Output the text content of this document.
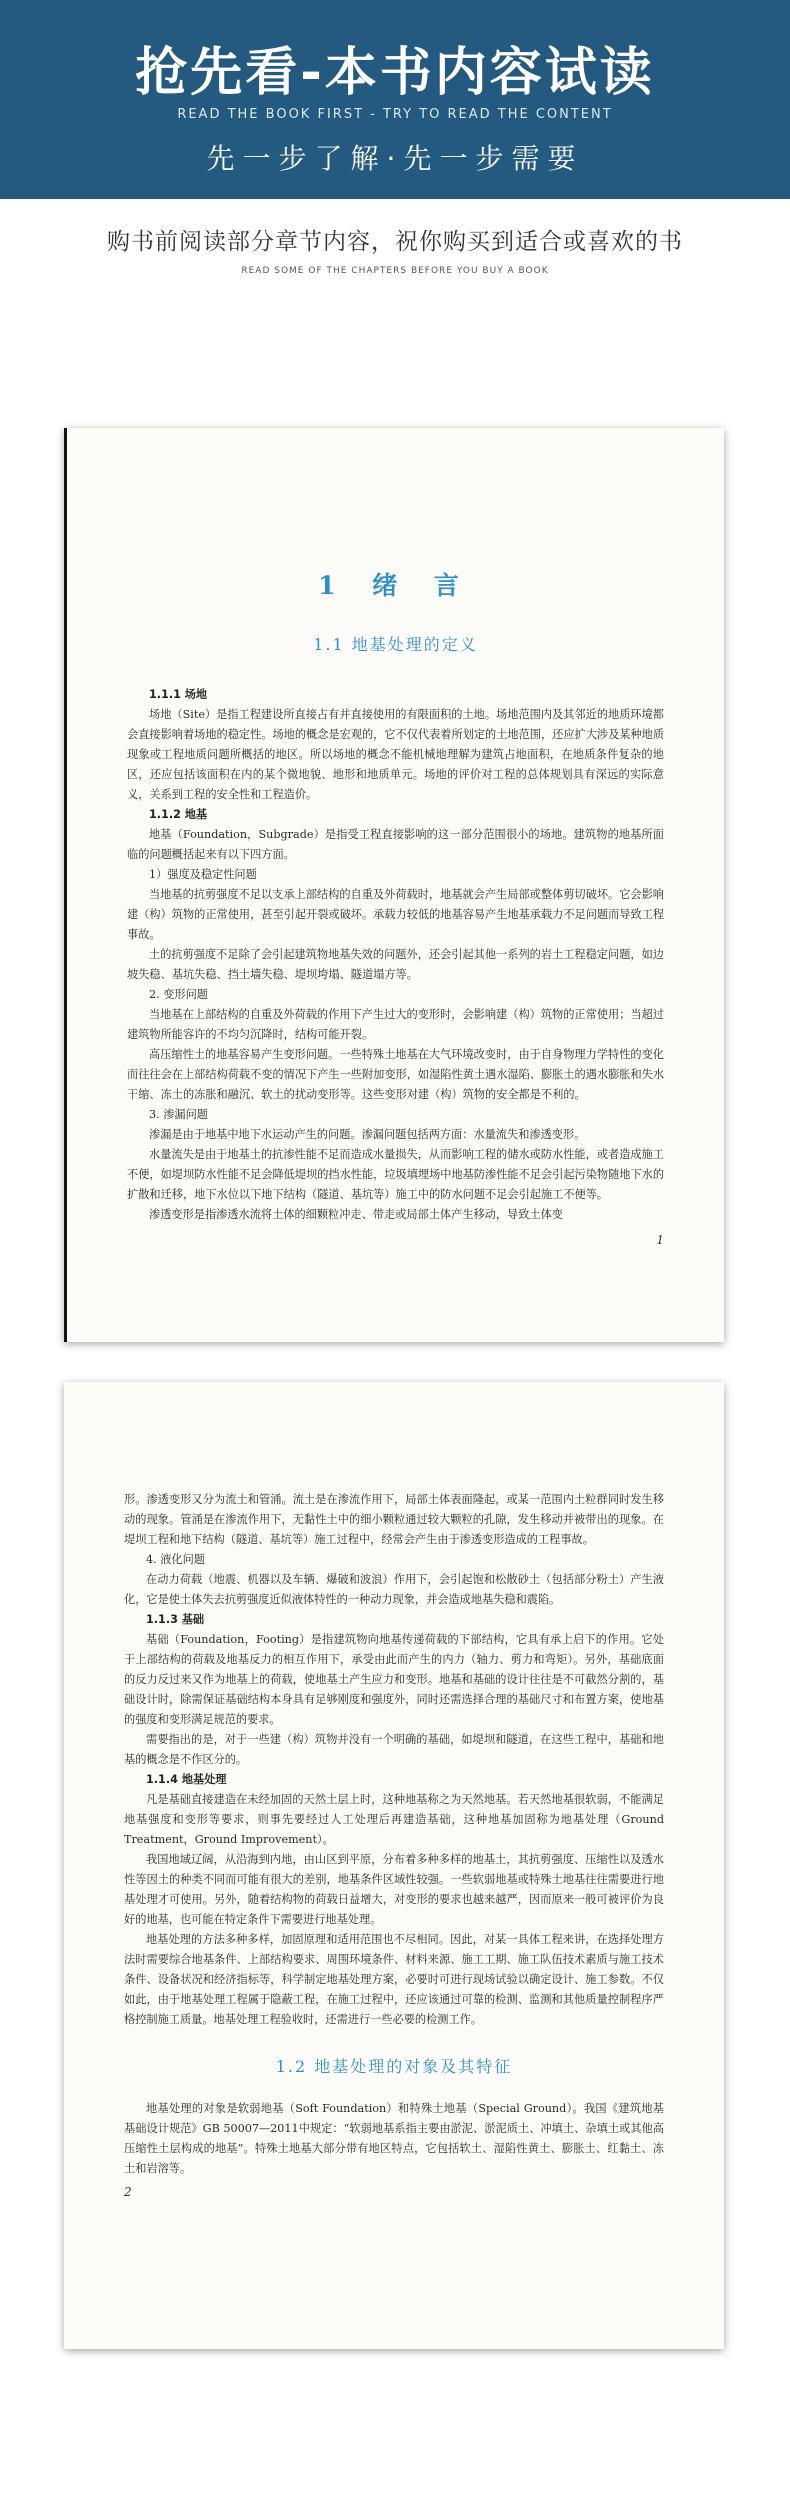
抢先看-本书内容试读
READ THE BOOK FIRST - TRY TO READ THE CONTENT
先一步了解·先一步需要
购书前阅读部分章节内容，祝你购买到适合或喜欢的书
READ SOME OF THE CHAPTERS BEFORE YOU BUY A BOOK
1 绪 言
1.1 地基处理的定义
1.1.1 场地
场地（Site）是指工程建设所直接占有并直接使用的有限面积的土地。场地范围内及其邻近的地质环境都会直接影响着场地的稳定性。场地的概念是宏观的，它不仅代表着所划定的土地范围，还应扩大涉及某种地质现象或工程地质问题所概括的地区。所以场地的概念不能机械地理解为建筑占地面积，在地质条件复杂的地区，还应包括该面积在内的某个微地貌、地形和地质单元。场地的评价对工程的总体规划具有深远的实际意义，关系到工程的安全性和工程造价。
1.1.2 地基
地基（Foundation，Subgrade）是指受工程直接影响的这一部分范围很小的场地。建筑物的地基所面临的问题概括起来有以下四方面。
1）强度及稳定性问题
当地基的抗剪强度不足以支承上部结构的自重及外荷载时，地基就会产生局部或整体剪切破坏。它会影响建（构）筑物的正常使用，甚至引起开裂或破坏。承载力较低的地基容易产生地基承载力不足问题而导致工程事故。
土的抗剪强度不足除了会引起建筑物地基失效的问题外，还会引起其他一系列的岩土工程稳定问题，如边坡失稳、基坑失稳、挡土墙失稳、堤坝垮塌、隧道塌方等。
2. 变形问题
当地基在上部结构的自重及外荷载的作用下产生过大的变形时，会影响建（构）筑物的正常使用；当超过建筑物所能容许的不均匀沉降时，结构可能开裂。
高压缩性土的地基容易产生变形问题。一些特殊土地基在大气环境改变时，由于自身物理力学特性的变化而往往会在上部结构荷载不变的情况下产生一些附加变形，如湿陷性黄土遇水湿陷、膨胀土的遇水膨胀和失水干缩、冻土的冻胀和融沉、软土的扰动变形等。这些变形对建（构）筑物的安全都是不利的。
3. 渗漏问题
渗漏是由于地基中地下水运动产生的问题。渗漏问题包括两方面：水量流失和渗透变形。
水量流失是由于地基土的抗渗性能不足而造成水量损失，从而影响工程的储水或防水性能，或者造成施工不便，如堤坝防水性能不足会降低堤坝的挡水性能，垃圾填埋场中地基防渗性能不足会引起污染物随地下水的扩散和迁移，地下水位以下地下结构（隧道、基坑等）施工中的防水问题不足会引起施工不便等。
渗透变形是指渗透水流将土体的细颗粒冲走、带走或局部土体产生移动，导致土体变
1
形。渗透变形又分为流土和管涌。流土是在渗流作用下，局部土体表面隆起，或某一范围内土粒群同时发生移动的现象。管涌是在渗流作用下，无黏性土中的细小颗粒通过较大颗粒的孔隙，发生移动并被带出的现象。在堤坝工程和地下结构（隧道、基坑等）施工过程中，经常会产生由于渗透变形造成的工程事故。
4. 液化问题
在动力荷载（地震、机器以及车辆、爆破和波浪）作用下，会引起饱和松散砂土（包括部分粉土）产生液化，它是使土体失去抗剪强度近似液体特性的一种动力现象，并会造成地基失稳和震陷。
1.1.3 基础
基础（Foundation，Footing）是指建筑物向地基传递荷载的下部结构，它具有承上启下的作用。它处于上部结构的荷载及地基反力的相互作用下，承受由此而产生的内力（轴力、剪力和弯矩）。另外，基础底面的反力反过来又作为地基上的荷载，使地基土产生应力和变形。地基和基础的设计往往是不可截然分割的，基础设计时，除需保证基础结构本身具有足够刚度和强度外，同时还需选择合理的基础尺寸和布置方案，使地基的强度和变形满足规范的要求。
需要指出的是，对于一些建（构）筑物并没有一个明确的基础，如堤坝和隧道，在这些工程中，基础和地基的概念是不作区分的。
1.1.4 地基处理
凡是基础直接建造在未经加固的天然土层上时，这种地基称之为天然地基。若天然地基很软弱，不能满足地基强度和变形等要求，则事先要经过人工处理后再建造基础，这种地基加固称为地基处理（Ground Treatment，Ground Improvement）。
我国地域辽阔，从沿海到内地，由山区到平原，分布着多种多样的地基土，其抗剪强度、压缩性以及透水性等因土的种类不同而可能有很大的差别，地基条件区域性较强。一些软弱地基或特殊土地基往往需要进行地基处理才可使用。另外，随着结构物的荷载日益增大，对变形的要求也越来越严，因而原来一般可被评价为良好的地基，也可能在特定条件下需要进行地基处理。
地基处理的方法多种多样，加固原理和适用范围也不尽相同。因此，对某一具体工程来讲，在选择处理方法时需要综合地基条件、上部结构要求、周围环境条件、材料来源、施工工期、施工队伍技术素质与施工技术条件、设备状况和经济指标等，科学制定地基处理方案，必要时可进行现场试验以确定设计、施工参数。不仅如此，由于地基处理工程属于隐蔽工程，在施工过程中，还应该通过可靠的检测、监测和其他质量控制程序严格控制施工质量。地基处理工程验收时，还需进行一些必要的检测工作。
1.2 地基处理的对象及其特征
地基处理的对象是软弱地基（Soft Foundation）和特殊土地基（Special Ground）。我国《建筑地基基础设计规范》GB 50007—2011中规定：“软弱地基系指主要由淤泥、淤泥质土、冲填土、杂填土或其他高压缩性土层构成的地基”。特殊土地基大部分带有地区特点，它包括软土、湿陷性黄土、膨胀土、红黏土、冻土和岩溶等。
2
